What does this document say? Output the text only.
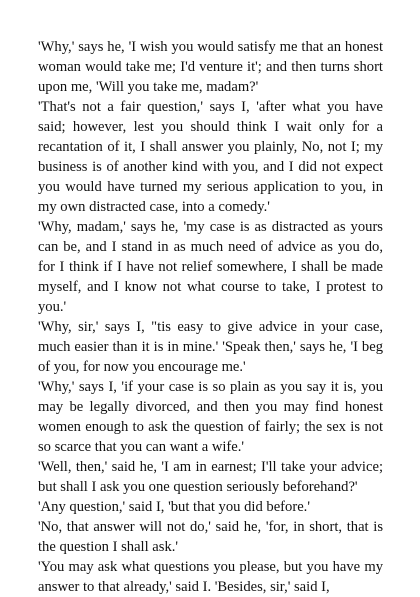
'Why,' says he, 'I wish you would satisfy me that an honest woman would take me; I'd venture it'; and then turns short upon me, 'Will you take me, madam?'

'That's not a fair question,' says I, 'after what you have said; however, lest you should think I wait only for a recantation of it, I shall answer you plainly, No, not I; my business is of another kind with you, and I did not expect you would have turned my serious application to you, in my own distracted case, into a comedy.'

'Why, madam,' says he, 'my case is as distracted as yours can be, and I stand in as much need of advice as you do, for I think if I have not relief somewhere, I shall be made myself, and I know not what course to take, I protest to you.'

'Why, sir,' says I, "tis easy to give advice in your case, much easier than it is in mine.' 'Speak then,' says he, 'I beg of you, for now you encourage me.'

'Why,' says I, 'if your case is so plain as you say it is, you may be legally divorced, and then you may find honest women enough to ask the question of fairly; the sex is not so scarce that you can want a wife.'

'Well, then,' said he, 'I am in earnest; I'll take your advice; but shall I ask you one question seriously beforehand?'

'Any question,' said I, 'but that you did before.'

'No, that answer will not do,' said he, 'for, in short, that is the question I shall ask.'

'You may ask what questions you please, but you have my answer to that already,' said I. 'Besides, sir,' said I,
